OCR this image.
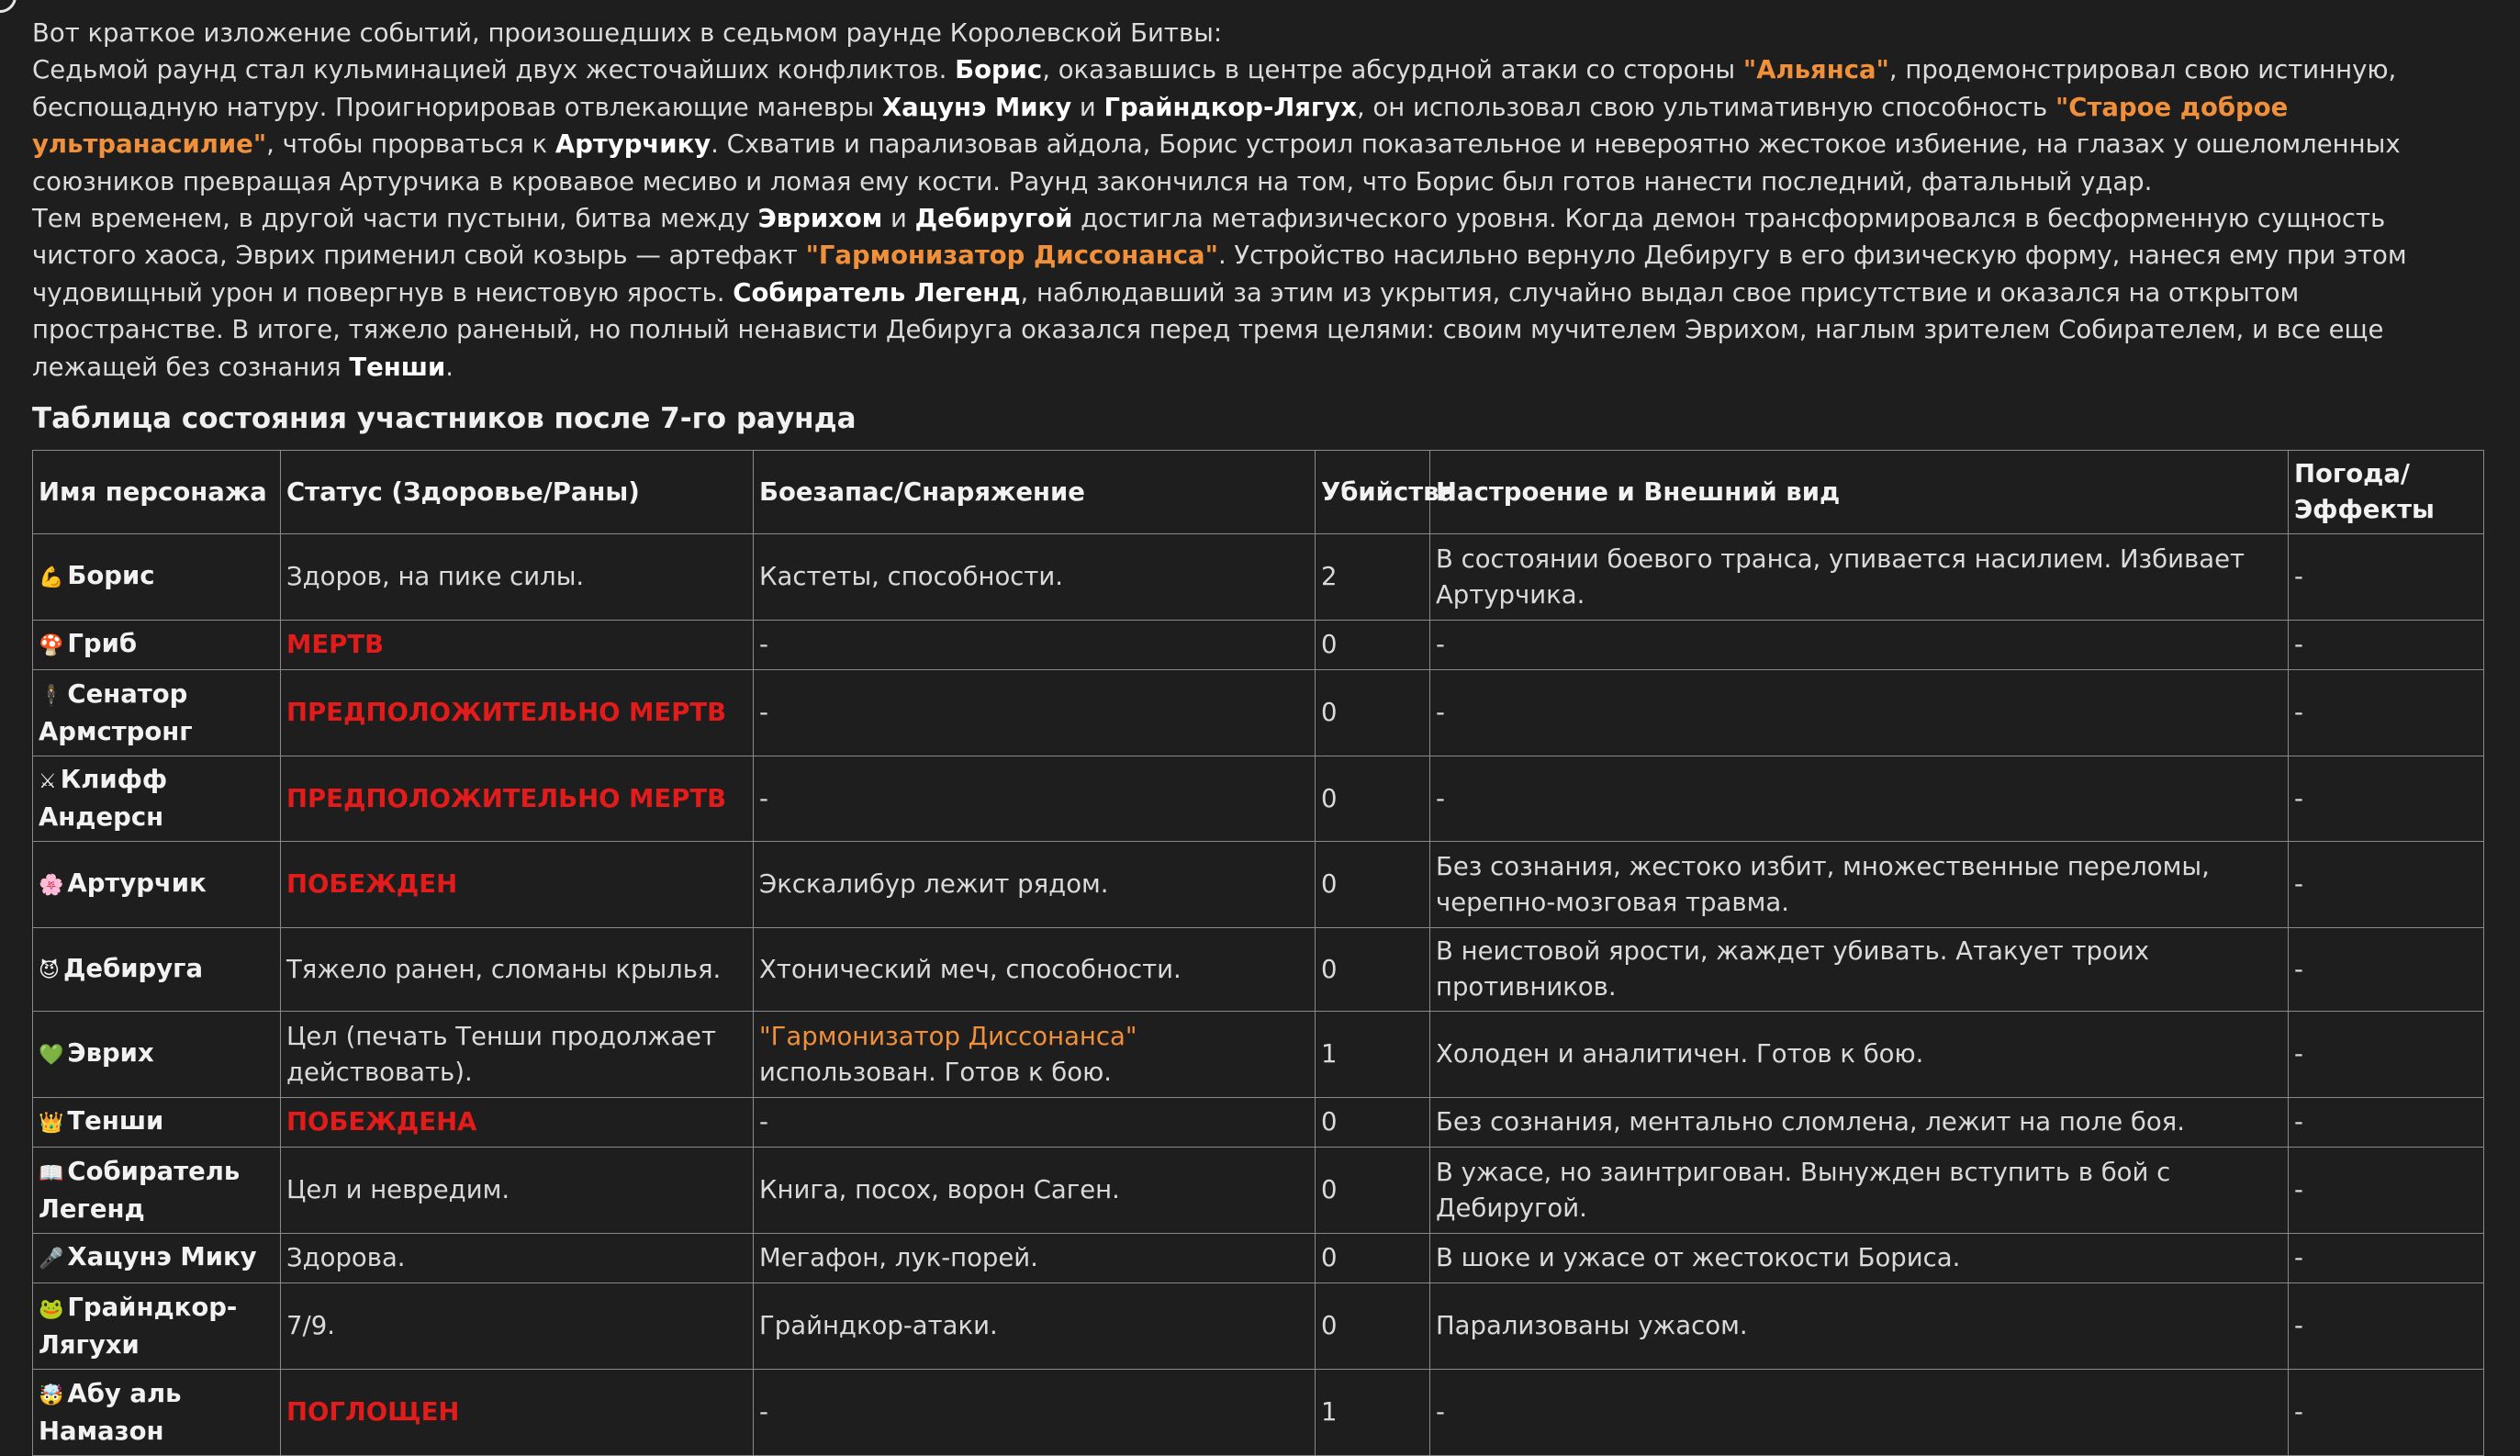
Вот краткое изложение событий, произошедших в седьмом раунде Королевской Битвы:

Седьмой раунд стал кульминацией двух жесточайших конфликтов. Борис, оказавшись в центре абсурдной атаки со стороны "Альянса", продемонстрировал свою истинную, беспощадную натуру. Проигнорировав отвлекающие маневры Хацунэ Мику и Грайндкор-Лягух, он использовал свою ультимативную способность "Старое доброе ультранасилие", чтобы прорваться к Артурчику. Схватив и парализовав айдола, Борис устроил показательное и невероятно жестокое избиение, на глазах у ошеломленных союзников превращая Артурчика в кровавое месиво и ломая ему кости. Раунд закончился на том, что Борис был готов нанести последний, фатальный удар.

Тем временем, в другой части пустыни, битва между Эврихом и Дебиругой достигла метафизического уровня. Когда демон трансформировался в бесформенную сущность чистого хаоса, Эврих применил свой козырь — артефакт "Гармонизатор Диссонанса". Устройство насильно вернуло Дебиругу в его физическую форму, нанеся ему при этом чудовищный урон и повергнув в неистовую ярость. Собиратель Легенд, наблюдавший за этим из укрытия, случайно выдал свое присутствие и оказался на открытом пространстве. В итоге, тяжело раненый, но полный ненависти Дебируга оказался перед тремя целями: своим мучителем Эврихом, наглым зрителем Собирателем, и все еще лежащей без сознания Тенши.

Таблица состояния участников после 7-го раунда
Имя персонажа	Статус (Здоровье/Раны)	Боезапас/Снаряжение	Убийства	Настроение и Внешний вид	Погода/ Эффекты
💪 Борис	Здоров, на пике силы.	Кастеты, способности.	2	В состоянии боевого транса, упивается насилием. Избивает Артурчика.	-
🍄 Гриб	МЕРТВ	-	0	-	-
🕴 Сенатор Армстронг	ПРЕДПОЛОЖИТЕЛЬНО МЕРТВ	-	0	-	-
⚔ Клифф Андерсн	ПРЕДПОЛОЖИТЕЛЬНО МЕРТВ	-	0	-	-
🌸 Артурчик	ПОБЕЖДЕН	Экскалибур лежит рядом.	0	Без сознания, жестоко избит, множественные переломы, черепно-мозговая травма.	-
😈 Дебируга	Тяжело ранен, сломаны крылья.	Хтонический меч, способности.	0	В неистовой ярости, жаждет убивать. Атакует троих противников.	-
💚 Эврих	Цел (печать Тенши продолжает действовать).	"Гармонизатор Диссонанса" использован. Готов к бою.	1	Холоден и аналитичен. Готов к бою.	-
👑 Тенши	ПОБЕЖДЕНА	-	0	Без сознания, ментально сломлена, лежит на поле боя.	-
📖 Собиратель Легенд	Цел и невредим.	Книга, посох, ворон Саген.	0	В ужасе, но заинтригован. Вынужден вступить в бой с Дебиругой.	-
🎤 Хацунэ Мику	Здорова.	Мегафон, лук-порей.	0	В шоке и ужасе от жестокости Бориса.	-
🐸 Грайндкор-Лягухи	7/9.	Грайндкор-атаки.	0	Парализованы ужасом.	-
🤯 Абу аль Намазон	ПОГЛОЩЕН	-	1	-	-
